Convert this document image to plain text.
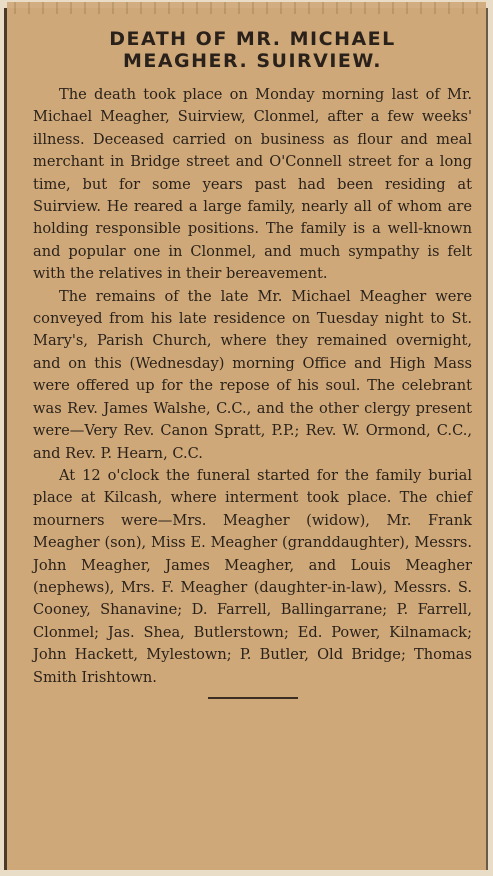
DEATH OF MR. MICHAEL
MEAGHER. SUIRVIEW.

The death took place on Monday morning last of Mr. Michael Meagher, Suirview, Clonmel, after a few weeks' illness. Deceased carried on business as flour and meal merchant in Bridge street and O'Connell street for a long time, but for some years past had been residing at Suirview. He reared a large family, nearly all of whom are holding responsible positions. The family is a well-known and popular one in Clonmel, and much sympathy is felt with the relatives in their bereavement.

The remains of the late Mr. Michael Meagher were conveyed from his late residence on Tuesday night to St. Mary's, Parish Church, where they remained overnight, and on this (Wednesday) morning Office and High Mass were offered up for the repose of his soul. The celebrant was Rev. James Walshe, C.C., and the other clergy present were—Very Rev. Canon Spratt, P.P.; Rev. W. Ormond, C.C., and Rev. P. Hearn, C.C.

At 12 o'clock the funeral started for the family burial place at Kilcash, where interment took place. The chief mourners were—Mrs. Meagher (widow), Mr. Frank Meagher (son), Miss E. Meagher (granddaughter), Messrs. John Meagher, James Meagher, and Louis Meagher (nephews), Mrs. F. Meagher (daughter-in-law), Messrs. S. Cooney, Shanavine; D. Farrell, Ballingarrane; P. Farrell, Clonmel; Jas. Shea, Butlerstown; Ed. Power, Kilnamack; John Hackett, Mylestown; P. Butler, Old Bridge; Thomas Smith Irishtown.
